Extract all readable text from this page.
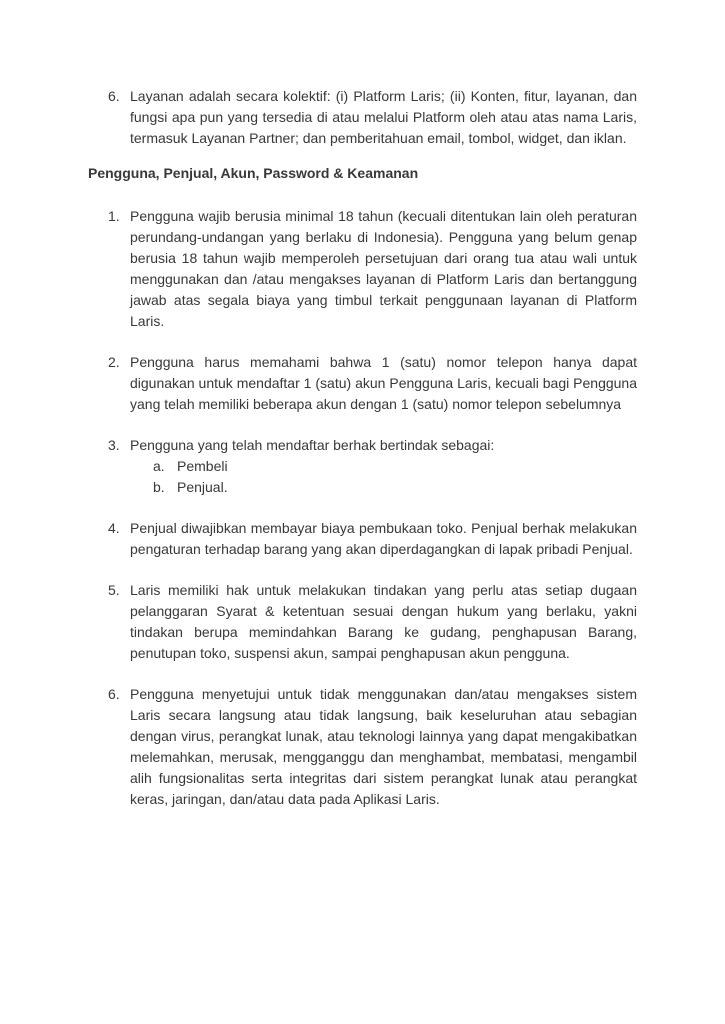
6. Layanan adalah secara kolektif: (i) Platform Laris; (ii) Konten, fitur, layanan, dan fungsi apa pun yang tersedia di atau melalui Platform oleh atau atas nama Laris, termasuk Layanan Partner; dan pemberitahuan email, tombol, widget, dan iklan.
Pengguna, Penjual, Akun, Password & Keamanan
1. Pengguna wajib berusia minimal 18 tahun (kecuali ditentukan lain oleh peraturan perundang-undangan yang berlaku di Indonesia). Pengguna yang belum genap berusia 18 tahun wajib memperoleh persetujuan dari orang tua atau wali untuk menggunakan dan /atau mengakses layanan di Platform Laris dan bertanggung jawab atas segala biaya yang timbul terkait penggunaan layanan di Platform Laris.
2. Pengguna harus memahami bahwa 1 (satu) nomor telepon hanya dapat digunakan untuk mendaftar 1 (satu) akun Pengguna Laris, kecuali bagi Pengguna yang telah memiliki beberapa akun dengan 1 (satu) nomor telepon sebelumnya
3. Pengguna yang telah mendaftar berhak bertindak sebagai:
a. Pembeli
b. Penjual.
4. Penjual diwajibkan membayar biaya pembukaan toko. Penjual berhak melakukan pengaturan terhadap barang yang akan diperdagangkan di lapak pribadi Penjual.
5. Laris memiliki hak untuk melakukan tindakan yang perlu atas setiap dugaan pelanggaran Syarat & ketentuan sesuai dengan hukum yang berlaku, yakni tindakan berupa memindahkan Barang ke gudang, penghapusan Barang, penutupan toko, suspensi akun, sampai penghapusan akun pengguna.
6. Pengguna menyetujui untuk tidak menggunakan dan/atau mengakses sistem Laris secara langsung atau tidak langsung, baik keseluruhan atau sebagian dengan virus, perangkat lunak, atau teknologi lainnya yang dapat mengakibatkan melemahkan, merusak, mengganggu dan menghambat, membatasi, mengambil alih fungsionalitas serta integritas dari sistem perangkat lunak atau perangkat keras, jaringan, dan/atau data pada Aplikasi Laris.
